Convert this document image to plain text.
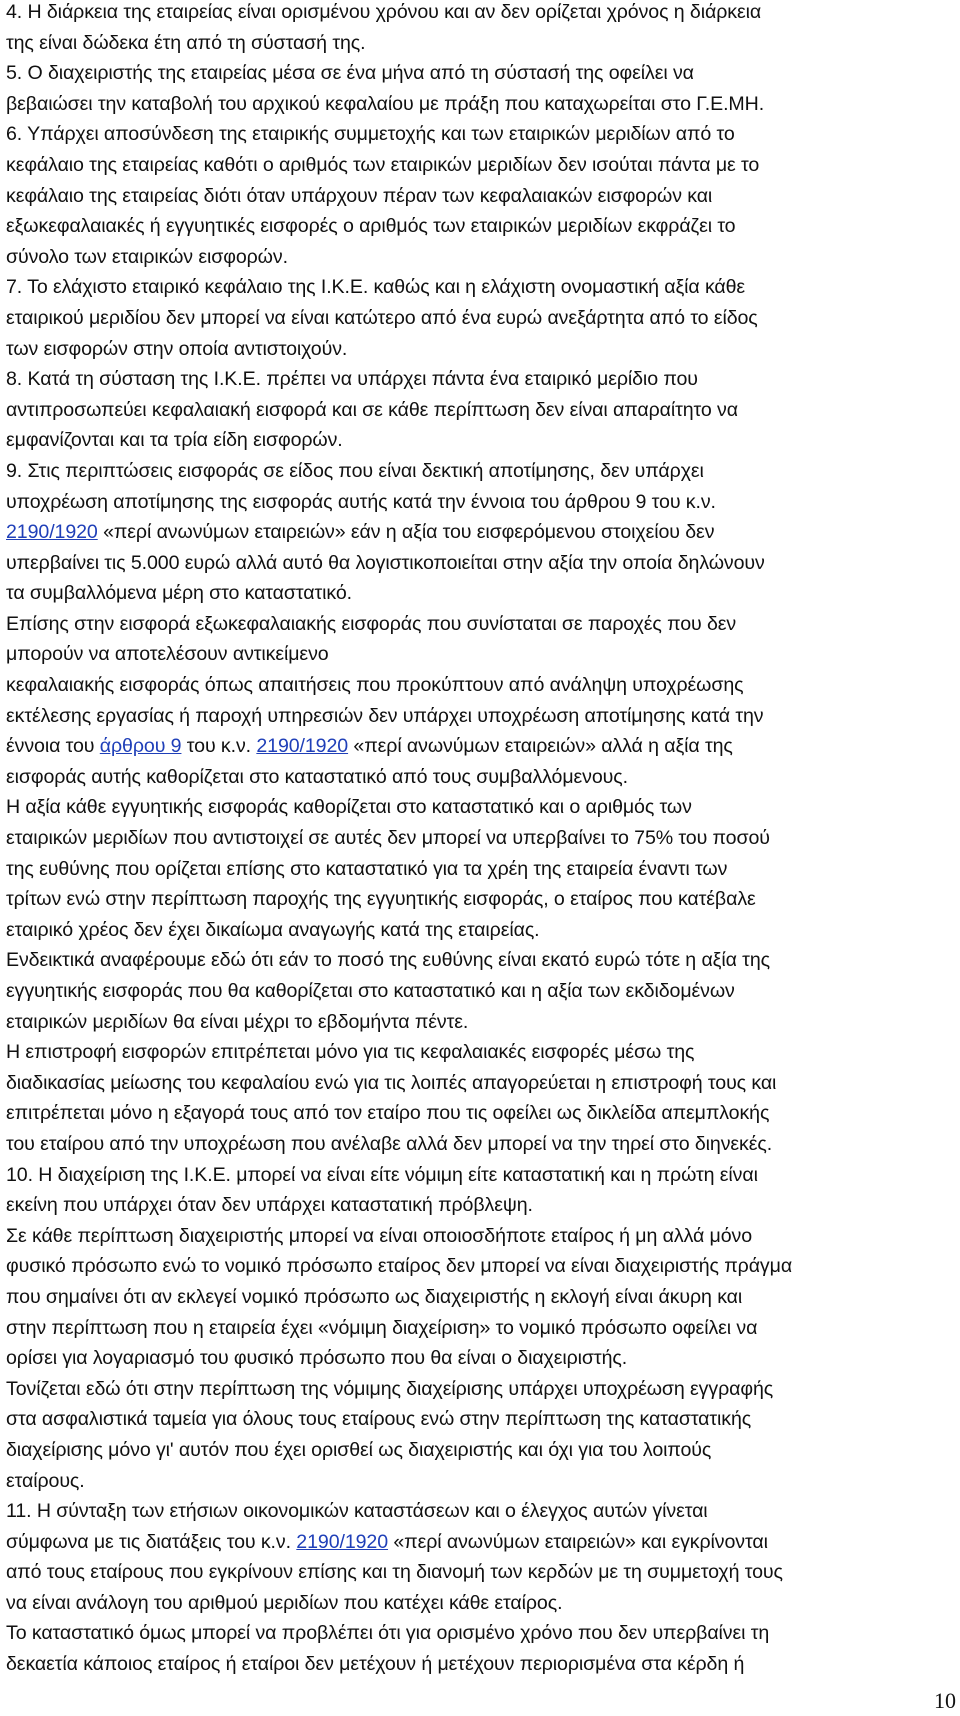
4. Η διάρκεια της εταιρείας είναι ορισμένου χρόνου και αν δεν ορίζεται χρόνος η διάρκεια
της είναι δώδεκα έτη από τη σύστασή της.
5. Ο διαχειριστής της εταιρείας μέσα σε ένα μήνα από τη σύστασή της οφείλει να
βεβαιώσει την καταβολή του αρχικού κεφαλαίου με πράξη που καταχωρείται στο Γ.Ε.ΜΗ.
6. Υπάρχει αποσύνδεση της εταιρικής συμμετοχής και των εταιρικών μεριδίων από το
κεφάλαιο της εταιρείας καθότι ο αριθμός των εταιρικών μεριδίων δεν ισούται πάντα με το
κεφάλαιο της εταιρείας διότι όταν υπάρχουν πέραν των κεφαλαιακών εισφορών και
εξωκεφαλαιακές ή εγγυητικές εισφορές ο αριθμός των εταιρικών μεριδίων εκφράζει το
σύνολο των εταιρικών εισφορών.
7. Το ελάχιστο εταιρικό κεφάλαιο της Ι.Κ.Ε. καθώς και η ελάχιστη ονομαστική αξία κάθε
εταιρικού μεριδίου δεν μπορεί να είναι κατώτερο από ένα ευρώ ανεξάρτητα από το είδος
των εισφορών στην οποία αντιστοιχούν.
8. Κατά τη σύσταση της Ι.Κ.Ε. πρέπει να υπάρχει πάντα ένα εταιρικό μερίδιο που
αντιπροσωπεύει κεφαλαιακή εισφορά και σε κάθε περίπτωση δεν είναι απαραίτητο να
εμφανίζονται και τα τρία είδη εισφορών.
9. Στις περιπτώσεις εισφοράς σε είδος που είναι δεκτική αποτίμησης, δεν υπάρχει
υποχρέωση αποτίμησης της εισφοράς αυτής κατά την έννοια του άρθρου 9 του κ.ν.
2190/1920 «περί ανωνύμων εταιρειών» εάν η αξία του εισφερόμενου στοιχείου δεν
υπερβαίνει τις 5.000 ευρώ αλλά αυτό θα λογιστικοποιείται στην αξία την οποία δηλώνουν
τα συμβαλλόμενα μέρη στο καταστατικό.
Επίσης στην εισφορά εξωκεφαλαιακής εισφοράς που συνίσταται σε παροχές που δεν
μπορούν να αποτελέσουν αντικείμενο
κεφαλαιακής εισφοράς όπως απαιτήσεις που προκύπτουν από ανάληψη υποχρέωσης
εκτέλεσης εργασίας ή παροχή υπηρεσιών δεν υπάρχει υποχρέωση αποτίμησης κατά την
έννοια του άρθρου 9 του κ.ν. 2190/1920 «περί ανωνύμων εταιρειών» αλλά η αξία της
εισφοράς αυτής καθορίζεται στο καταστατικό από τους συμβαλλόμενους.
Η αξία κάθε εγγυητικής εισφοράς καθορίζεται στο καταστατικό και ο αριθμός των
εταιρικών μεριδίων που αντιστοιχεί σε αυτές δεν μπορεί να υπερβαίνει το 75% του ποσού
της ευθύνης που ορίζεται επίσης στο καταστατικό για τα χρέη της εταιρεία έναντι των
τρίτων ενώ στην περίπτωση παροχής της εγγυητικής εισφοράς, ο εταίρος που κατέβαλε
εταιρικό χρέος δεν έχει δικαίωμα αναγωγής κατά της εταιρείας.
Ενδεικτικά αναφέρουμε εδώ ότι εάν το ποσό της ευθύνης είναι εκατό ευρώ τότε η αξία της
εγγυητικής εισφοράς που θα καθορίζεται στο καταστατικό και η αξία των εκδιδομένων
εταιρικών μεριδίων θα είναι μέχρι το εβδομήντα πέντε.
Η επιστροφή εισφορών επιτρέπεται μόνο για τις κεφαλαιακές εισφορές μέσω της
διαδικασίας μείωσης του κεφαλαίου ενώ για τις λοιπές απαγορεύεται η επιστροφή τους και
επιτρέπεται μόνο η εξαγορά τους από τον εταίρο που τις οφείλει ως δικλείδα απεμπλοκής
του εταίρου από την υποχρέωση που ανέλαβε αλλά δεν μπορεί να την τηρεί στο διηνεκές.
10. Η διαχείριση της Ι.Κ.Ε. μπορεί να είναι είτε νόμιμη είτε καταστατική και η πρώτη είναι
εκείνη που υπάρχει όταν δεν υπάρχει καταστατική πρόβλεψη.
Σε κάθε περίπτωση διαχειριστής μπορεί να είναι οποιοσδήποτε εταίρος ή μη αλλά μόνο
φυσικό πρόσωπο ενώ το νομικό πρόσωπο εταίρος δεν μπορεί να είναι διαχειριστής πράγμα
που σημαίνει ότι αν εκλεγεί νομικό πρόσωπο ως διαχειριστής η εκλογή είναι άκυρη και
στην περίπτωση που η εταιρεία έχει «νόμιμη διαχείριση» το νομικό πρόσωπο οφείλει να
ορίσει για λογαριασμό του φυσικό πρόσωπο που θα είναι ο διαχειριστής.
Τονίζεται εδώ ότι στην περίπτωση της νόμιμης διαχείρισης υπάρχει υποχρέωση εγγραφής
στα ασφαλιστικά ταμεία για όλους τους εταίρους ενώ στην περίπτωση της καταστατικής
διαχείρισης μόνο γι' αυτόν που έχει ορισθεί ως διαχειριστής και όχι για του λοιπούς
εταίρους.
11. Η σύνταξη των ετήσιων οικονομικών καταστάσεων και ο έλεγχος αυτών γίνεται
σύμφωνα με τις διατάξεις του κ.ν. 2190/1920 «περί ανωνύμων εταιρειών» και εγκρίνονται
από τους εταίρους που εγκρίνουν επίσης και τη διανομή των κερδών με τη συμμετοχή τους
να είναι ανάλογη του αριθμού μεριδίων που κατέχει κάθε εταίρος.
Το καταστατικό όμως μπορεί να προβλέπει ότι για ορισμένο χρόνο που δεν υπερβαίνει τη
δεκαετία κάποιος εταίρος ή εταίροι δεν μετέχουν ή μετέχουν περιορισμένα στα κέρδη ή
10
